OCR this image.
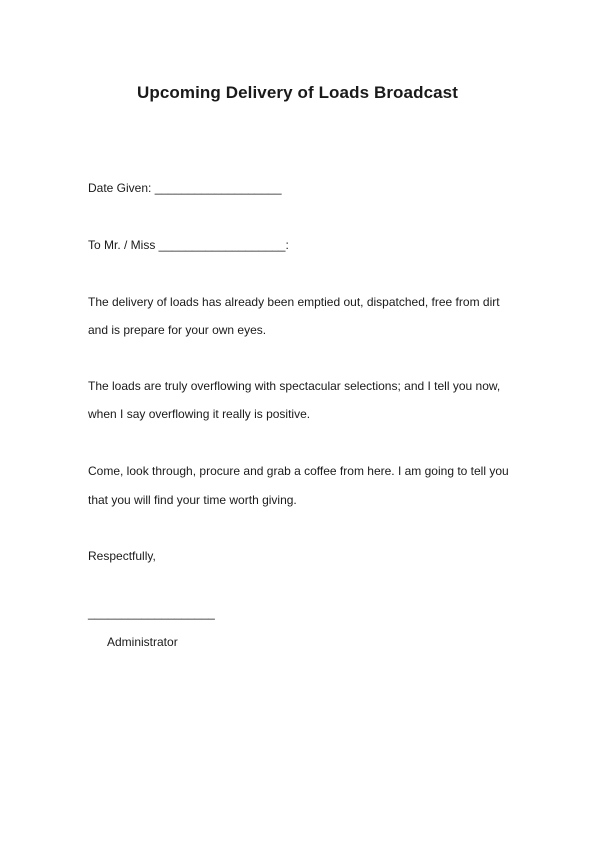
Upcoming Delivery of Loads Broadcast

Date Given: ___________________

To Mr. / Miss ___________________:

The delivery of loads has already been emptied out, dispatched, free from dirt

and is prepare for your own eyes.

The loads are truly overflowing with spectacular selections; and I tell you now,

when I say overflowing it really is positive.

Come, look through, procure and grab a coffee from here. I am going to tell you

that you will find your time worth giving.

Respectfully,

___________________

Administrator
